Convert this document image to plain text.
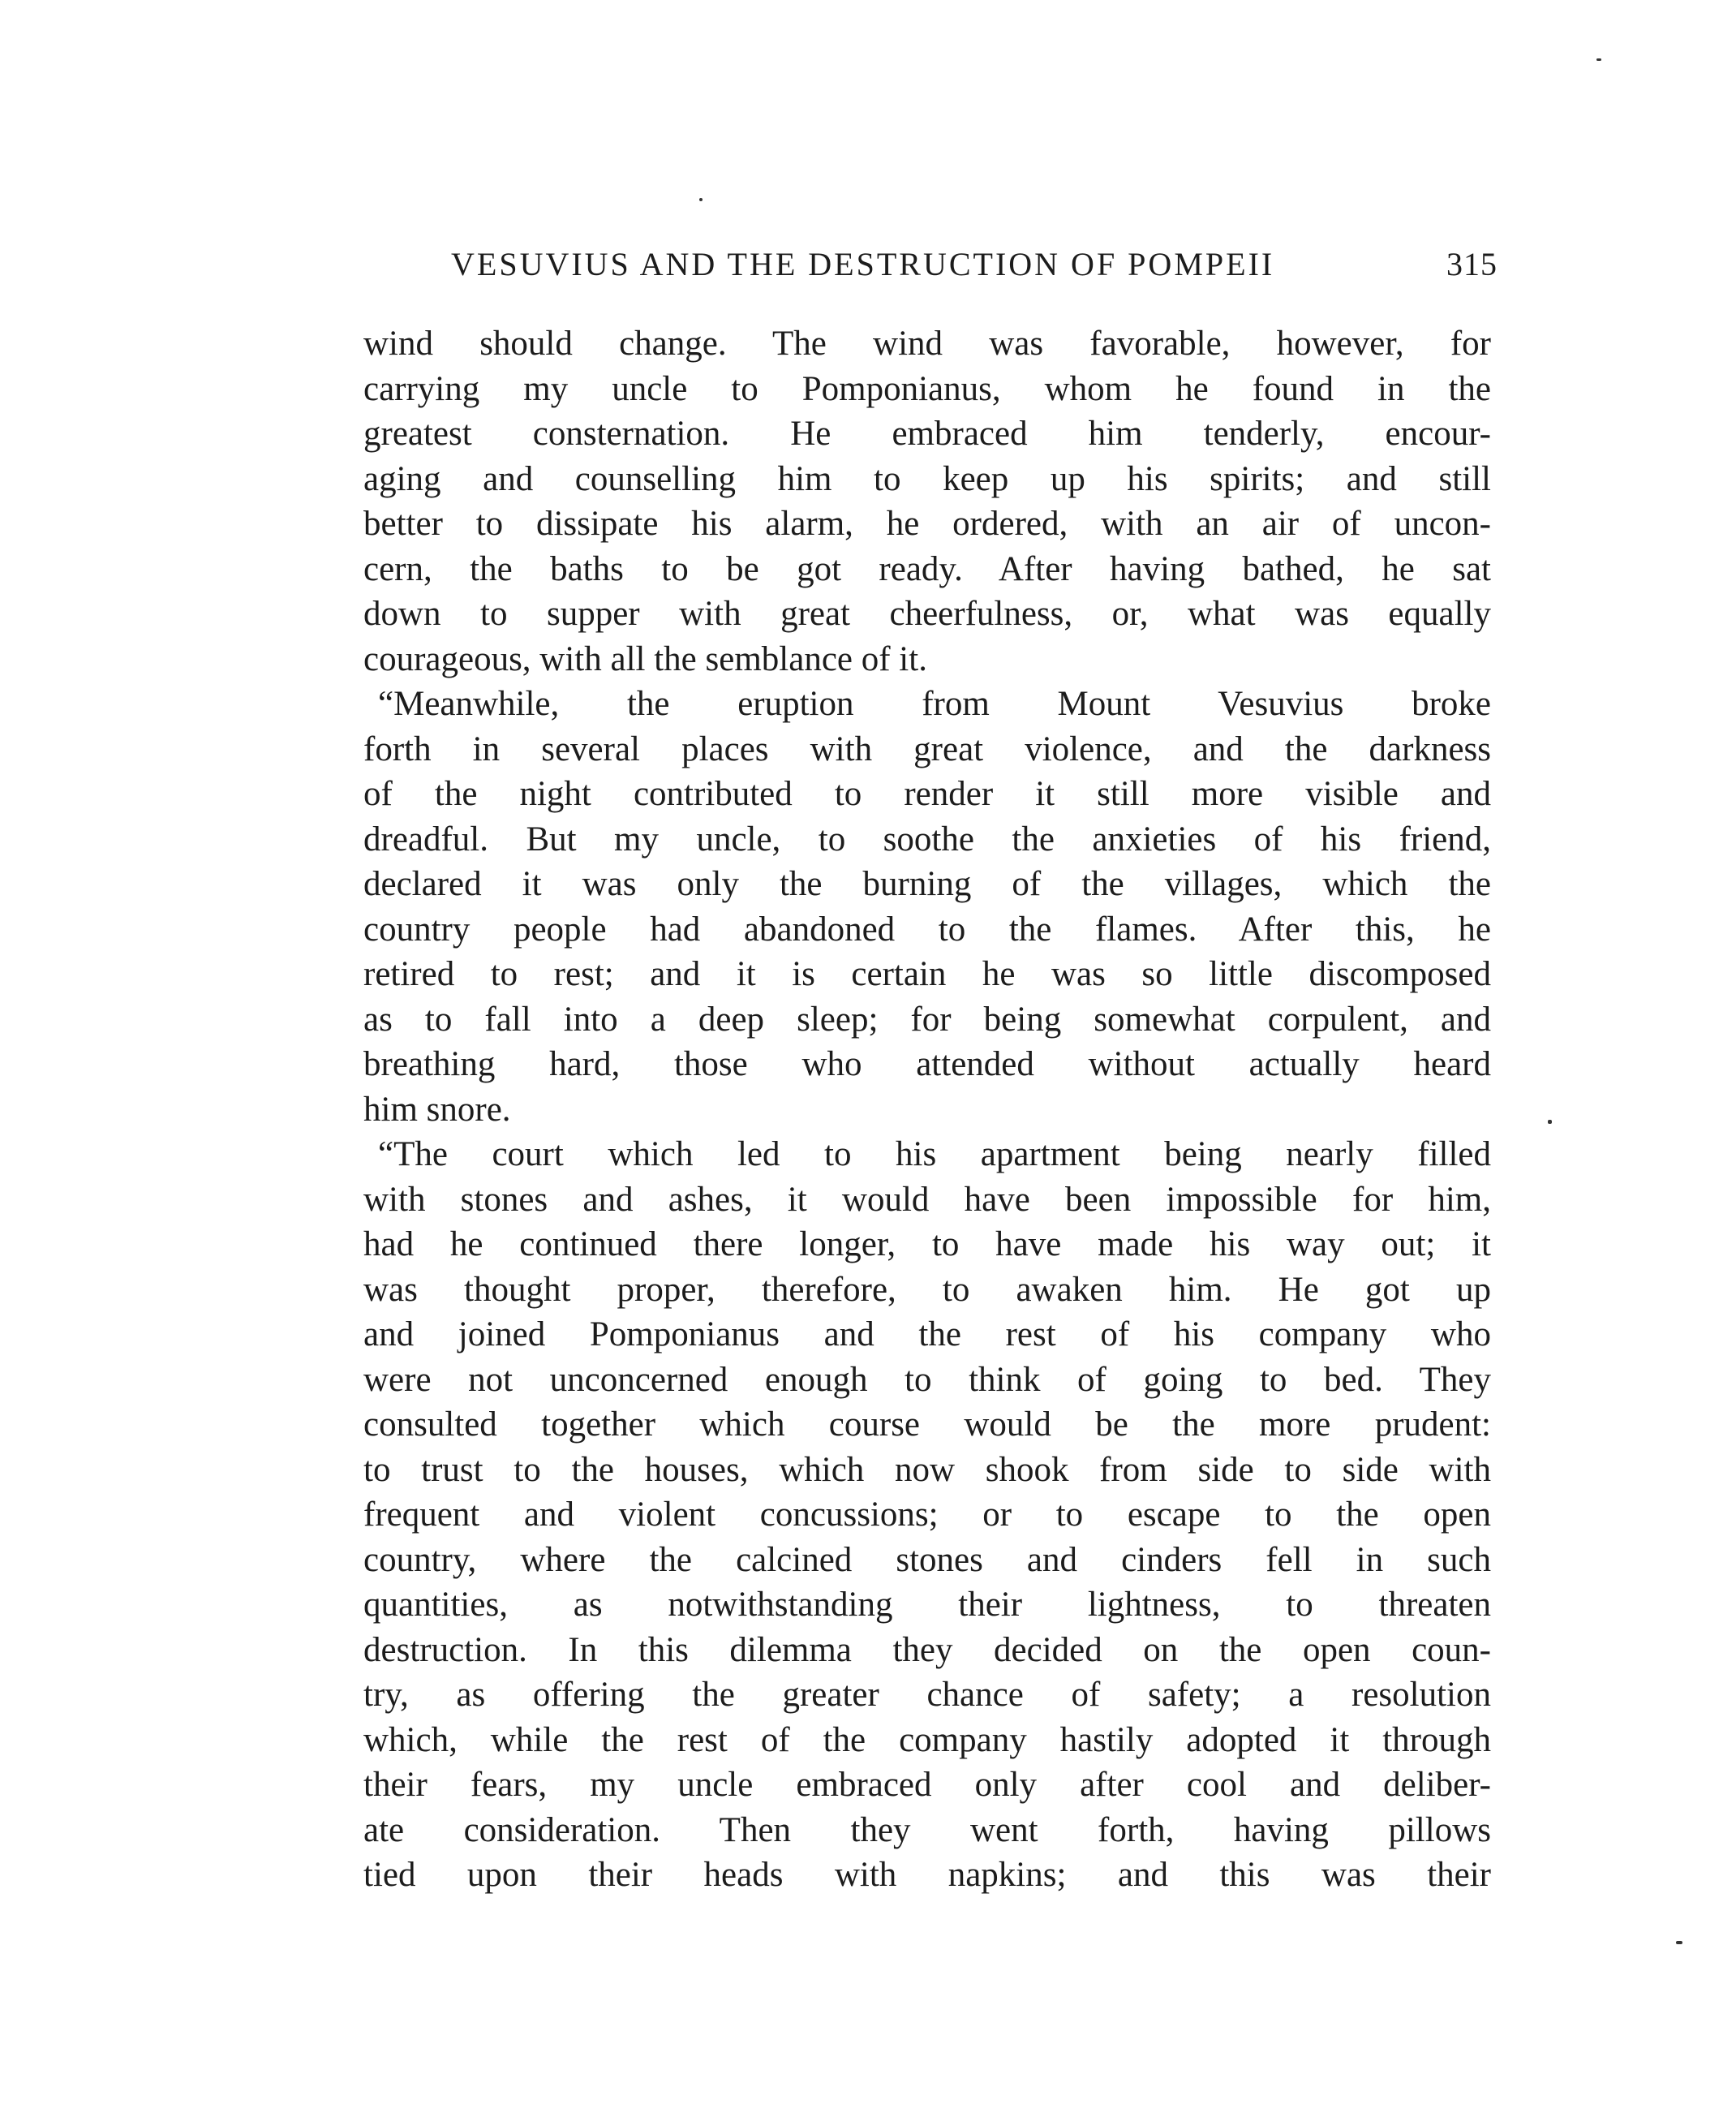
VESUVIUS AND THE DESTRUCTION OF POMPEII	315
wind should change. The wind was favorable, however, for
carrying my uncle to Pomponianus, whom he found in the
greatest consternation. He embraced him tenderly, encour-
aging and counselling him to keep up his spirits; and still
better to dissipate his alarm, he ordered, with an air of uncon-
cern, the baths to be got ready. After having bathed, he sat
down to supper with great cheerfulness, or, what was equally
courageous, with all the semblance of it.
“Meanwhile, the eruption from Mount Vesuvius broke
forth in several places with great violence, and the darkness
of the night contributed to render it still more visible and
dreadful. But my uncle, to soothe the anxieties of his friend,
declared it was only the burning of the villages, which the
country people had abandoned to the flames. After this, he
retired to rest; and it is certain he was so little discomposed
as to fall into a deep sleep; for being somewhat corpulent, and
breathing hard, those who attended without actually heard
him snore.
“The court which led to his apartment being nearly filled
with stones and ashes, it would have been impossible for him,
had he continued there longer, to have made his way out; it
was thought proper, therefore, to awaken him. He got up
and joined Pomponianus and the rest of his company who
were not unconcerned enough to think of going to bed. They
consulted together which course would be the more prudent:
to trust to the houses, which now shook from side to side with
frequent and violent concussions; or to escape to the open
country, where the calcined stones and cinders fell in such
quantities, as notwithstanding their lightness, to threaten
destruction. In this dilemma they decided on the open coun-
try, as offering the greater chance of safety; a resolution
which, while the rest of the company hastily adopted it through
their fears, my uncle embraced only after cool and deliber-
ate consideration. Then they went forth, having pillows
tied upon their heads with napkins; and this was their
